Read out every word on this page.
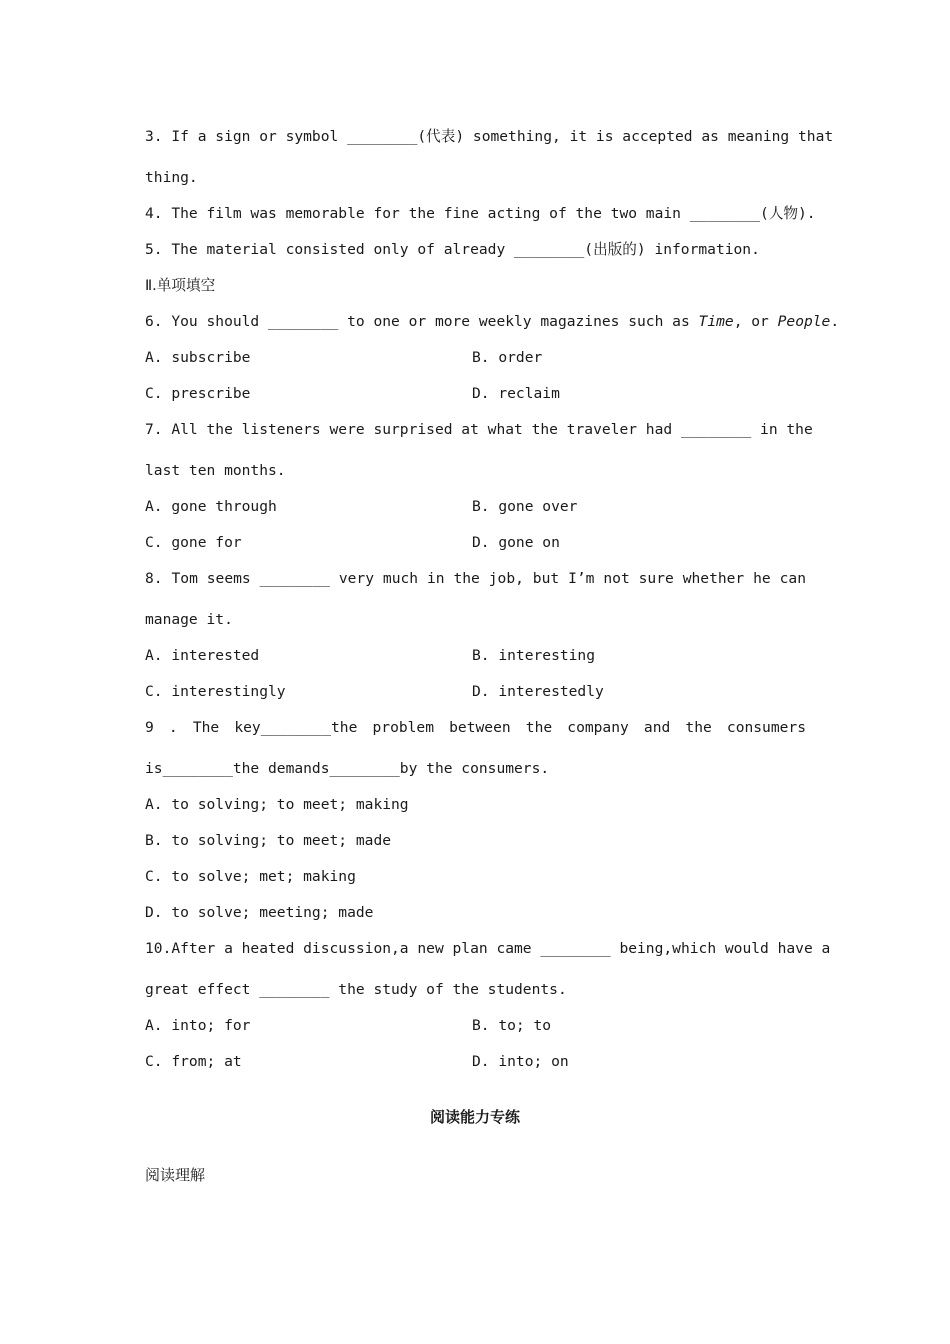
3. If a sign or symbol ________(代表) something, it is accepted as meaning that
thing.
4. The film was memorable for the fine acting of the two main ________(人物).
5. The material consisted only of already ________(出版的) information.
Ⅱ.单项填空
6. You should ________ to one or more weekly magazines such as Time, or People.
A. subscribe	B. order
C. prescribe	D. reclaim
7. All the listeners were surprised at what the traveler had ________ in the
last ten months.
A. gone through	B. gone over
C. gone for	D. gone on
8. Tom seems ________ very much in the job, but I’m not sure whether he can
manage it.
A. interested	B. interesting
C. interestingly	D. interestedly
9 . The key________the problem between the company and the consumers
is________the demands________by the consumers.
A. to solving; to meet; making
B. to solving; to meet; made
C. to solve; met; making
D. to solve; meeting; made
10.After a heated discussion,a new plan came ________ being,which would have a
great effect ________ the study of the students.
A. into; for	B. to; to
C. from; at	D. into; on
阅读能力专练
阅读理解
